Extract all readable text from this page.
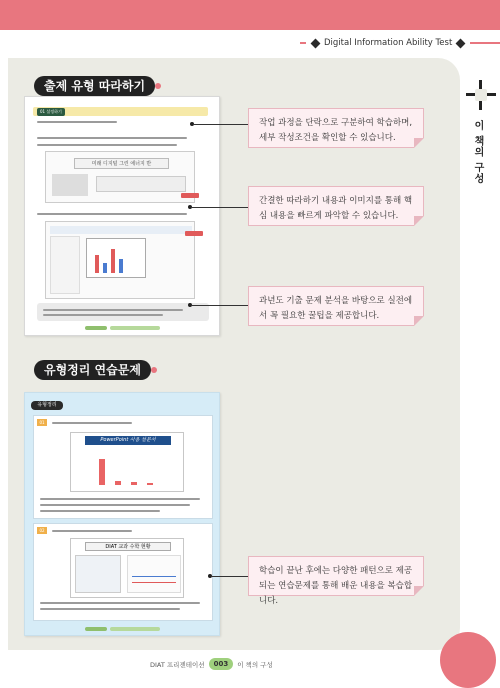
Digital Information Ability Test
이 책의 구성
출제 유형 따라하기
01 설정하기
미래 디지털 그린 에너지 반
작업 과정을 단락으로 구분하여 학습하며, 세부 작성조건을 확인할 수 있습니다.
간결한 따라하기 내용과 이미지를 통해 핵심 내용을 빠르게 파악할 수 있습니다.
과년도 기출 문제 분석을 바탕으로 실전에서 꼭 필요한 꿀팁을 제공합니다.
유형정리 연습문제
유형정리
01
PowerPoint 사용 설문서
02
DIAT 교과 수학 현황
학습이 끝난 후에는 다양한 패턴으로 제공되는 연습문제를 통해 배운 내용을 복습합니다.
DIAT 프리젠테이션	003	이 책의 구성
